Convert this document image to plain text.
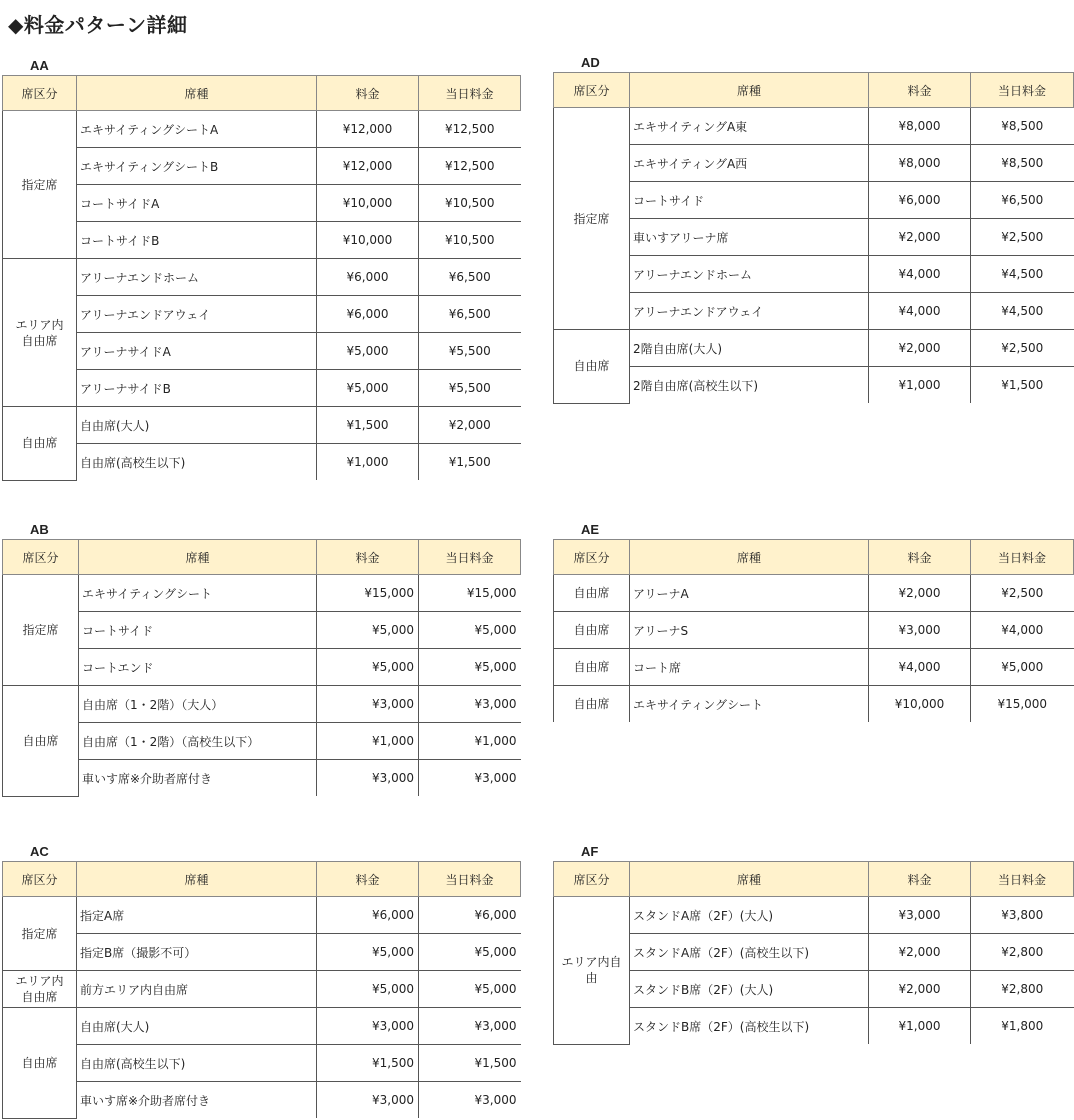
◆料金パターン詳細
AA
席区分	席種	料金	当日料金
指定席	エキサイティングシートA	¥12,000	¥12,500
	エキサイティングシートB	¥12,000	¥12,500
	コートサイドA	¥10,000	¥10,500
	コートサイドB	¥10,000	¥10,500
エリア内
自由席	アリーナエンドホーム	¥6,000	¥6,500
	アリーナエンドアウェイ	¥6,000	¥6,500
	アリーナサイドA	¥5,000	¥5,500
	アリーナサイドB	¥5,000	¥5,500
自由席	自由席(大人)	¥1,500	¥2,000
	自由席(高校生以下)	¥1,000	¥1,500
AD
席区分	席種	料金	当日料金
指定席	エキサイティングA東	¥8,000	¥8,500
	エキサイティングA西	¥8,000	¥8,500
	コートサイド	¥6,000	¥6,500
	車いすアリーナ席	¥2,000	¥2,500
	アリーナエンドホーム	¥4,000	¥4,500
	アリーナエンドアウェイ	¥4,000	¥4,500
自由席	2階自由席(大人)	¥2,000	¥2,500
	2階自由席(高校生以下)	¥1,000	¥1,500
AB
席区分	席種	料金	当日料金
指定席	エキサイティングシート	¥15,000	¥15,000
	コートサイド	¥5,000	¥5,000
	コートエンド	¥5,000	¥5,000
自由席	自由席（1・2階）（大人）	¥3,000	¥3,000
	自由席（1・2階）（高校生以下）	¥1,000	¥1,000
	車いす席※介助者席付き	¥3,000	¥3,000
AE
席区分	席種	料金	当日料金
自由席	アリーナA	¥2,000	¥2,500
自由席	アリーナS	¥3,000	¥4,000
自由席	コート席	¥4,000	¥5,000
自由席	エキサイティングシート	¥10,000	¥15,000
AC
席区分	席種	料金	当日料金
指定席	指定A席	¥6,000	¥6,000
	指定B席（撮影不可）	¥5,000	¥5,000
エリア内
自由席	前方エリア内自由席	¥5,000	¥5,000
自由席	自由席(大人)	¥3,000	¥3,000
	自由席(高校生以下)	¥1,500	¥1,500
	車いす席※介助者席付き	¥3,000	¥3,000
AF
席区分	席種	料金	当日料金
エリア内自由	スタンドA席（2F）(大人)	¥3,000	¥3,800
	スタンドA席（2F）(高校生以下)	¥2,000	¥2,800
	スタンドB席（2F）(大人)	¥2,000	¥2,800
	スタンドB席（2F）(高校生以下)	¥1,000	¥1,800
